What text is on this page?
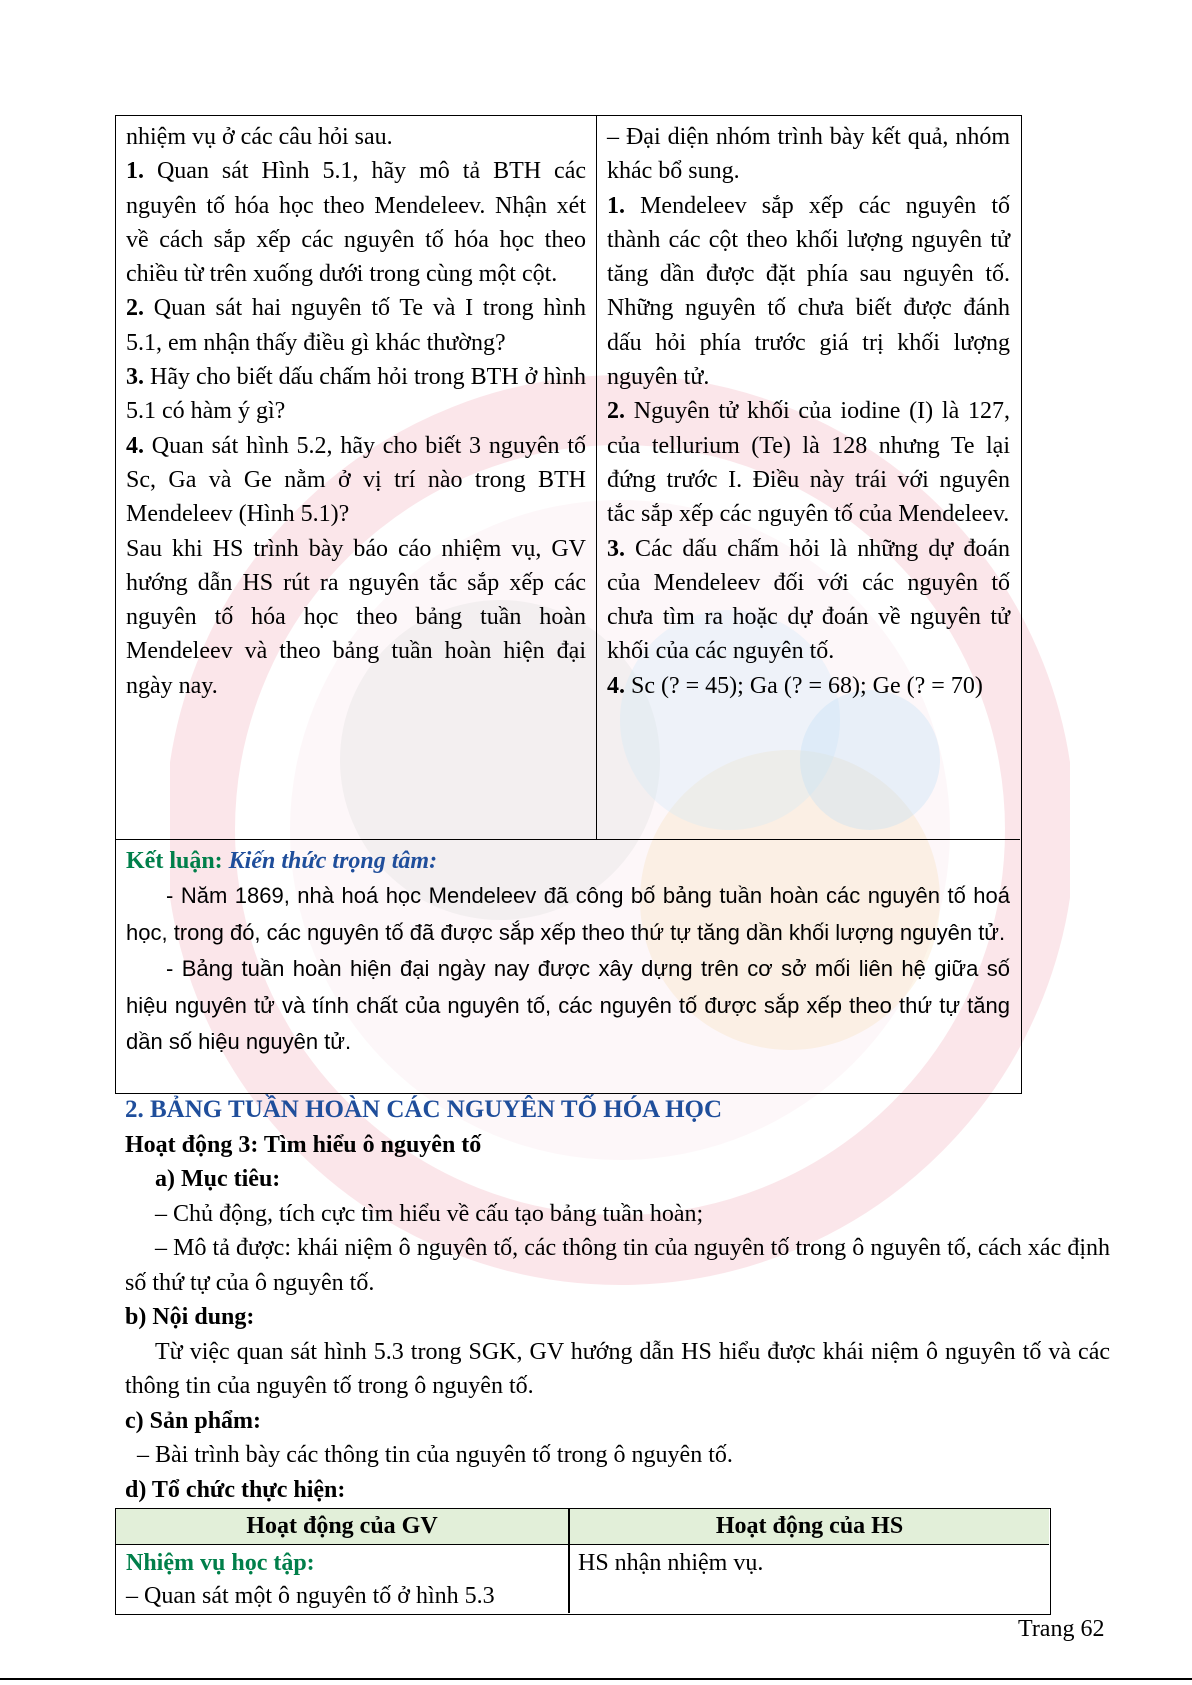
nhiệm vụ ở các câu hỏi sau.
1. Quan sát Hình 5.1, hãy mô tả BTH các nguyên tố hóa học theo Mendeleev. Nhận xét về cách sắp xếp các nguyên tố hóa học theo chiều từ trên xuống dưới trong cùng một cột.
2. Quan sát hai nguyên tố Te và I trong hình 5.1, em nhận thấy điều gì khác thường?
3. Hãy cho biết dấu chấm hỏi trong BTH ở hình 5.1 có hàm ý gì?
4. Quan sát hình 5.2, hãy cho biết 3 nguyên tố Sc, Ga và Ge nằm ở vị trí nào trong BTH Mendeleev (Hình 5.1)?
Sau khi HS trình bày báo cáo nhiệm vụ, GV hướng dẫn HS rút ra nguyên tắc sắp xếp các nguyên tố hóa học theo bảng tuần hoàn Mendeleev và theo bảng tuần hoàn hiện đại ngày nay.
– Đại diện nhóm trình bày kết quả, nhóm khác bổ sung.
1. Mendeleev sắp xếp các nguyên tố thành các cột theo khối lượng nguyên tử tăng dần được đặt phía sau nguyên tố. Những nguyên tố chưa biết được đánh dấu hỏi phía trước giá trị khối lượng nguyên tử.
2. Nguyên tử khối của iodine (I) là 127, của tellurium (Te) là 128 nhưng Te lại đứng trước I. Điều này trái với nguyên tắc sắp xếp các nguyên tố của Mendeleev.
3. Các dấu chấm hỏi là những dự đoán của Mendeleev đối với các nguyên tố chưa tìm ra hoặc dự đoán về nguyên tử khối của các nguyên tố.
4. Sc (? = 45); Ga (? = 68); Ge (? = 70)
Kết luận: Kiến thức trọng tâm:
- Năm 1869, nhà hoá học Mendeleev đã công bố bảng tuần hoàn các nguyên tố hoá học, trong đó, các nguyên tố đã được sắp xếp theo thứ tự tăng dần khối lượng nguyên tử.
- Bảng tuần hoàn hiện đại ngày nay được xây dựng trên cơ sở mối liên hệ giữa số hiệu nguyên tử và tính chất của nguyên tố, các nguyên tố được sắp xếp theo thứ tự tăng dần số hiệu nguyên tử.
2. BẢNG TUẦN HOÀN CÁC NGUYÊN TỐ HÓA HỌC
Hoạt động 3: Tìm hiểu ô nguyên tố
a) Mục tiêu:
– Chủ động, tích cực tìm hiểu về cấu tạo bảng tuần hoàn;
– Mô tả được: khái niệm ô nguyên tố, các thông tin của nguyên tố trong ô nguyên tố, cách xác định số thứ tự của ô nguyên tố.
b) Nội dung:
Từ việc quan sát hình 5.3 trong SGK, GV hướng dẫn HS hiểu được khái niệm ô nguyên tố và các thông tin của nguyên tố trong ô nguyên tố.
c) Sản phẩm:
– Bài trình bày các thông tin của nguyên tố trong ô nguyên tố.
d) Tổ chức thực hiện:
Hoạt động của GV	Hoạt động của HS
Nhiệm vụ học tập:
– Quan sát một ô nguyên tố ở hình 5.3
HS nhận nhiệm vụ.
Trang 62
